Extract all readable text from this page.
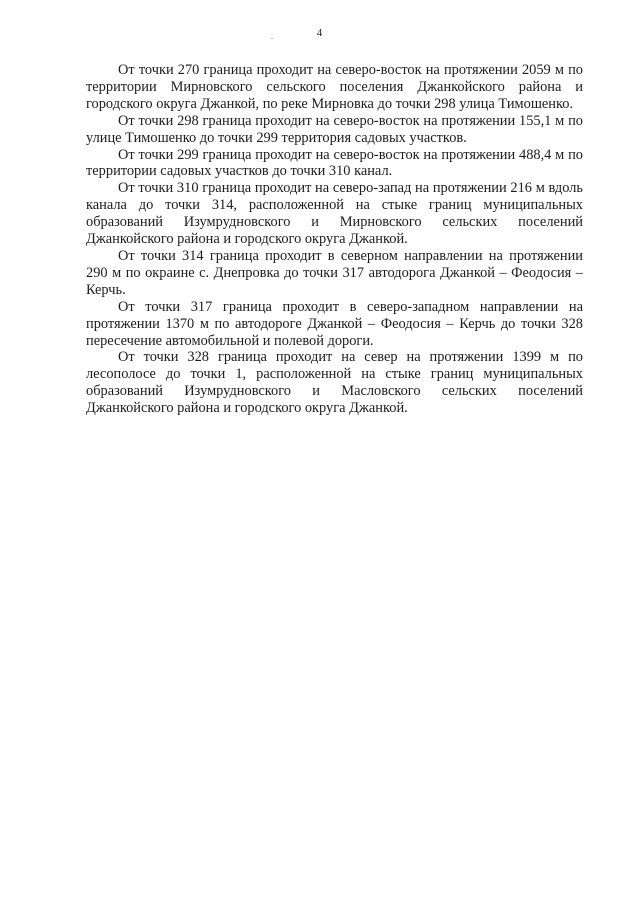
4

От точки 270 граница проходит на северо-восток на протяжении 2059 м по территории Мирновского сельского поселения Джанкойского района и городского округа Джанкой, по реке Мирновка до точки 298 улица Тимошенко.

От точки 298 граница проходит на северо-восток на протяжении 155,1 м по улице Тимошенко до точки 299 территория садовых участков.

От точки 299 граница проходит на северо-восток на протяжении 488,4 м по территории садовых участков до точки 310 канал.

От точки 310 граница проходит на северо-запад на протяжении 216 м вдоль канала до точки 314, расположенной на стыке границ муниципальных образований Изумрудновского и Мирновского сельских поселений Джанкойского района и городского округа Джанкой.

От точки 314 граница проходит в северном направлении на протяжении 290 м по окраине с. Днепровка до точки 317 автодорога Джанкой – Феодосия – Керчь.

От точки 317 граница проходит в северо-западном направлении на протяжении 1370 м по автодороге Джанкой – Феодосия – Керчь до точки 328 пересечение автомобильной и полевой дороги.

От точки 328 граница проходит на север на протяжении 1399 м по лесополосе до точки 1, расположенной на стыке границ муниципальных образований Изумрудновского и Масловского сельских поселений Джанкойского района и городского округа Джанкой.
